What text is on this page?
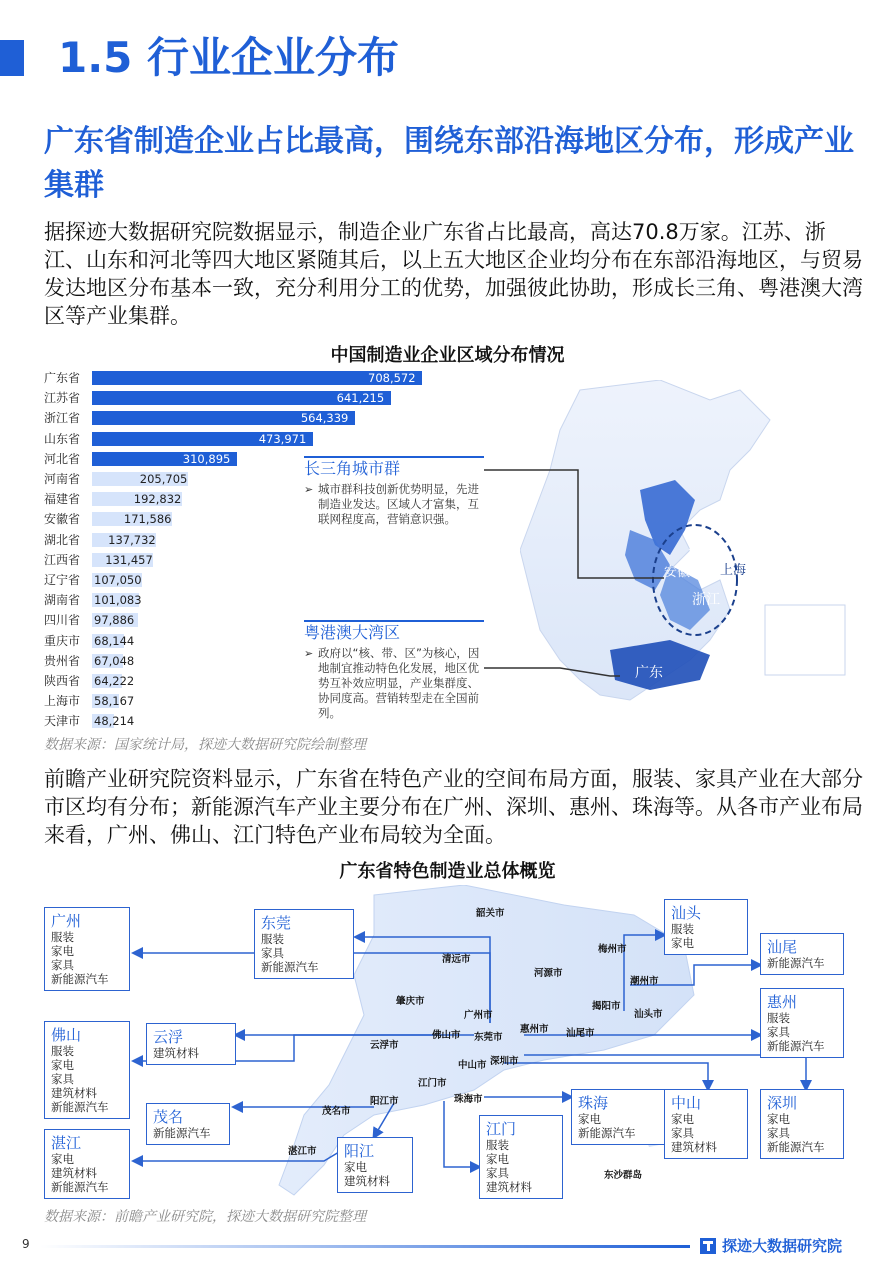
1.5 行业企业分布
广东省制造企业占比最高，围绕东部沿海地区分布，形成产业集群

据探迹大数据研究院数据显示，制造企业广东省占比最高，高达70.8万家。江苏、浙江、山东和河北等四大地区紧随其后，以上五大地区企业均分布在东部沿海地区，与贸易发达地区分布基本一致，充分利用分工的优势，加强彼此协助，形成长三角、粤港澳大湾区等产业集群。

中国制造业企业区域分布情况
江苏
安徽 上海
浙江
广东
长三角城市群
➢ 城市群科技创新优势明显，先进制造业发达。区域人才富集，互联网程度高，营销意识强。
粤港澳大湾区
➢ 政府以“核、带、区”为核心，因地制宜推动特色化发展，地区优势互补效应明显，产业集群度、协同度高。营销转型走在全国前列。
广东省	708,572
江苏省	641,215
浙江省	564,339
山东省	473,971
河北省	310,895
河南省	205,705
福建省	192,832
安徽省	171,586
湖北省	137,732
江西省	131,457
辽宁省	107,050
湖南省	101,083
四川省	97,886
重庆市	68,144
贵州省	67,048
陕西省	64,222
上海市	58,167
天津市	48,214
数据来源：国家统计局，探迹大数据研究院绘制整理

前瞻产业研究院资料显示，广东省在特色产业的空间布局方面，服装、家具产业在大部分市区均有分布；新能源汽车产业主要分布在广州、深圳、惠州、珠海等。从各市产业布局来看，广州、佛山、江门特色产业布局较为全面。

广东省特色制造业总体概览
广州
服装
家电
家具
新能源汽车
东莞
服装
家具
新能源汽车
汕头
服装
家电	汕尾
新能源汽车
惠州
服装
家具
新能源汽车
佛山
服装
家电
家具
建筑材料
新能源汽车
云浮
建筑材料
茂名
新能源汽车
湛江
家电
建筑材料
新能源汽车
阳江
家电
建筑材料
江门
服装
家电
家具
建筑材料
珠海
家电
新能源汽车
中山
家电
家具
建筑材料
深圳
家电
家具
新能源汽车
韶关市
清远市
河源市
梅州市
潮州市
揭阳市
汕头市
肇庆市
广州市
佛山市 东莞市
惠州市 汕尾市
云浮市
中山市 深圳市
江门市
茂名市
阳江市	珠海市
湛江市
东沙群岛
数据来源：前瞻产业研究院，探迹大数据研究院整理
9	探迹大数据研究院
